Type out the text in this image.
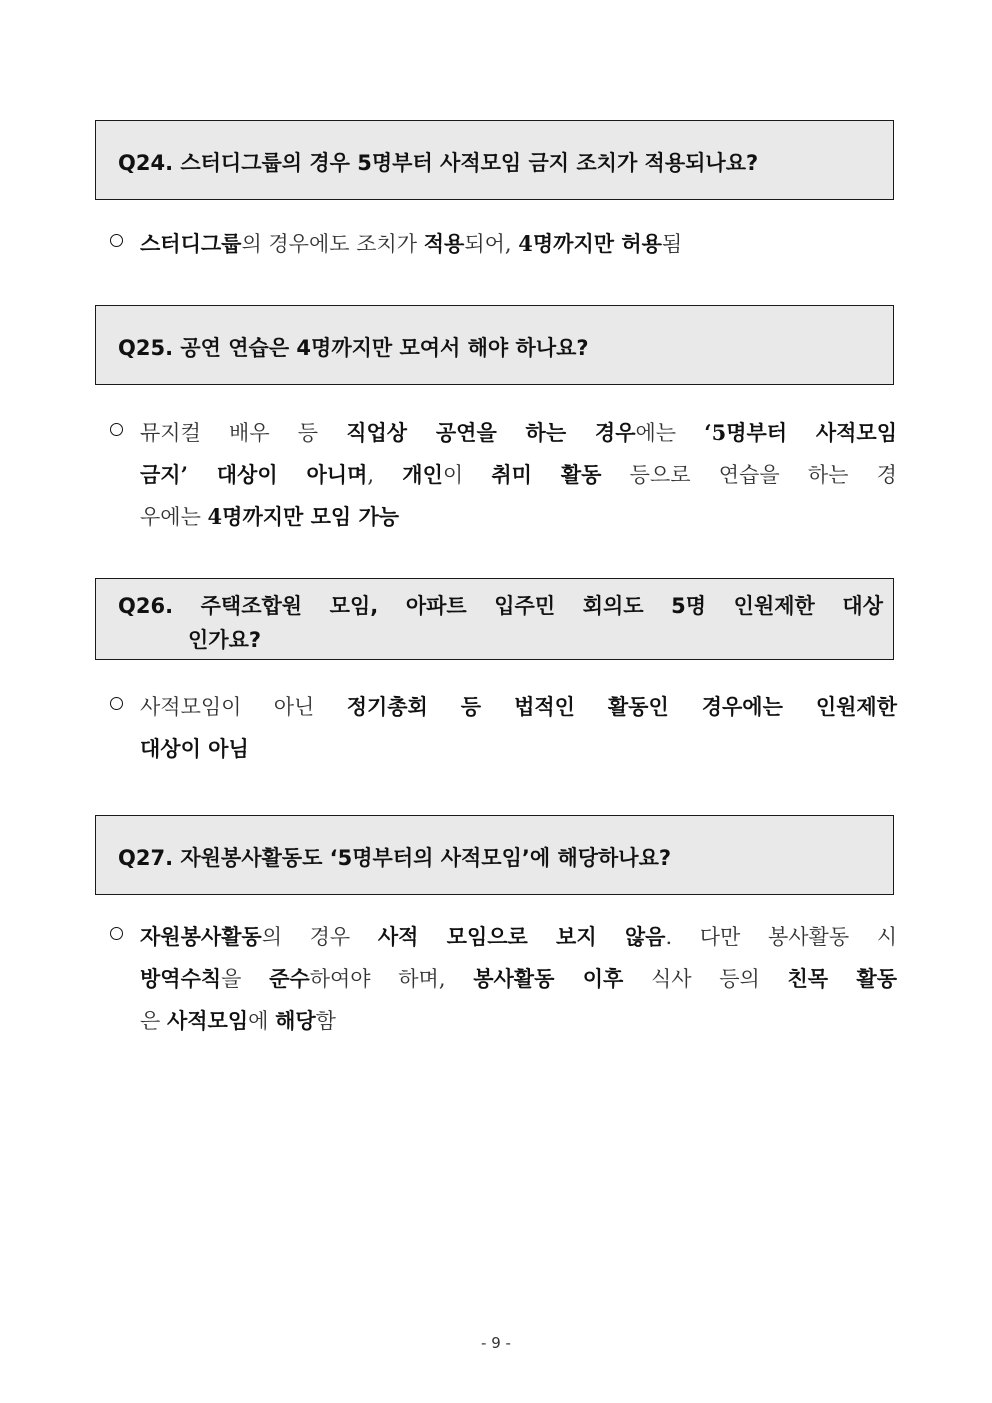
Q24. 스터디그룹의 경우 5명부터 사적모임 금지 조치가 적용되나요?
스터디그룹의 경우에도 조치가 적용되어, 4명까지만 허용됨
Q25. 공연 연습은 4명까지만 모여서 해야 하나요?
뮤지컬 배우 등 직업상 공연을 하는 경우에는 ‘5명부터 사적모임
금지’ 대상이 아니며, 개인이 취미 활동 등으로 연습을 하는 경
우에는 4명까지만 모임 가능
Q26. 주택조합원 모임, 아파트 입주민 회의도 5명 인원제한 대상
인가요?
사적모임이 아닌 정기총회 등 법적인 활동인 경우에는 인원제한
대상이 아님
Q27. 자원봉사활동도 ‘5명부터의 사적모임’에 해당하나요?
자원봉사활동의 경우 사적 모임으로 보지 않음. 다만 봉사활동 시
방역수칙을 준수하여야 하며, 봉사활동 이후 식사 등의 친목 활동
은 사적모임에 해당함
- 9 -
